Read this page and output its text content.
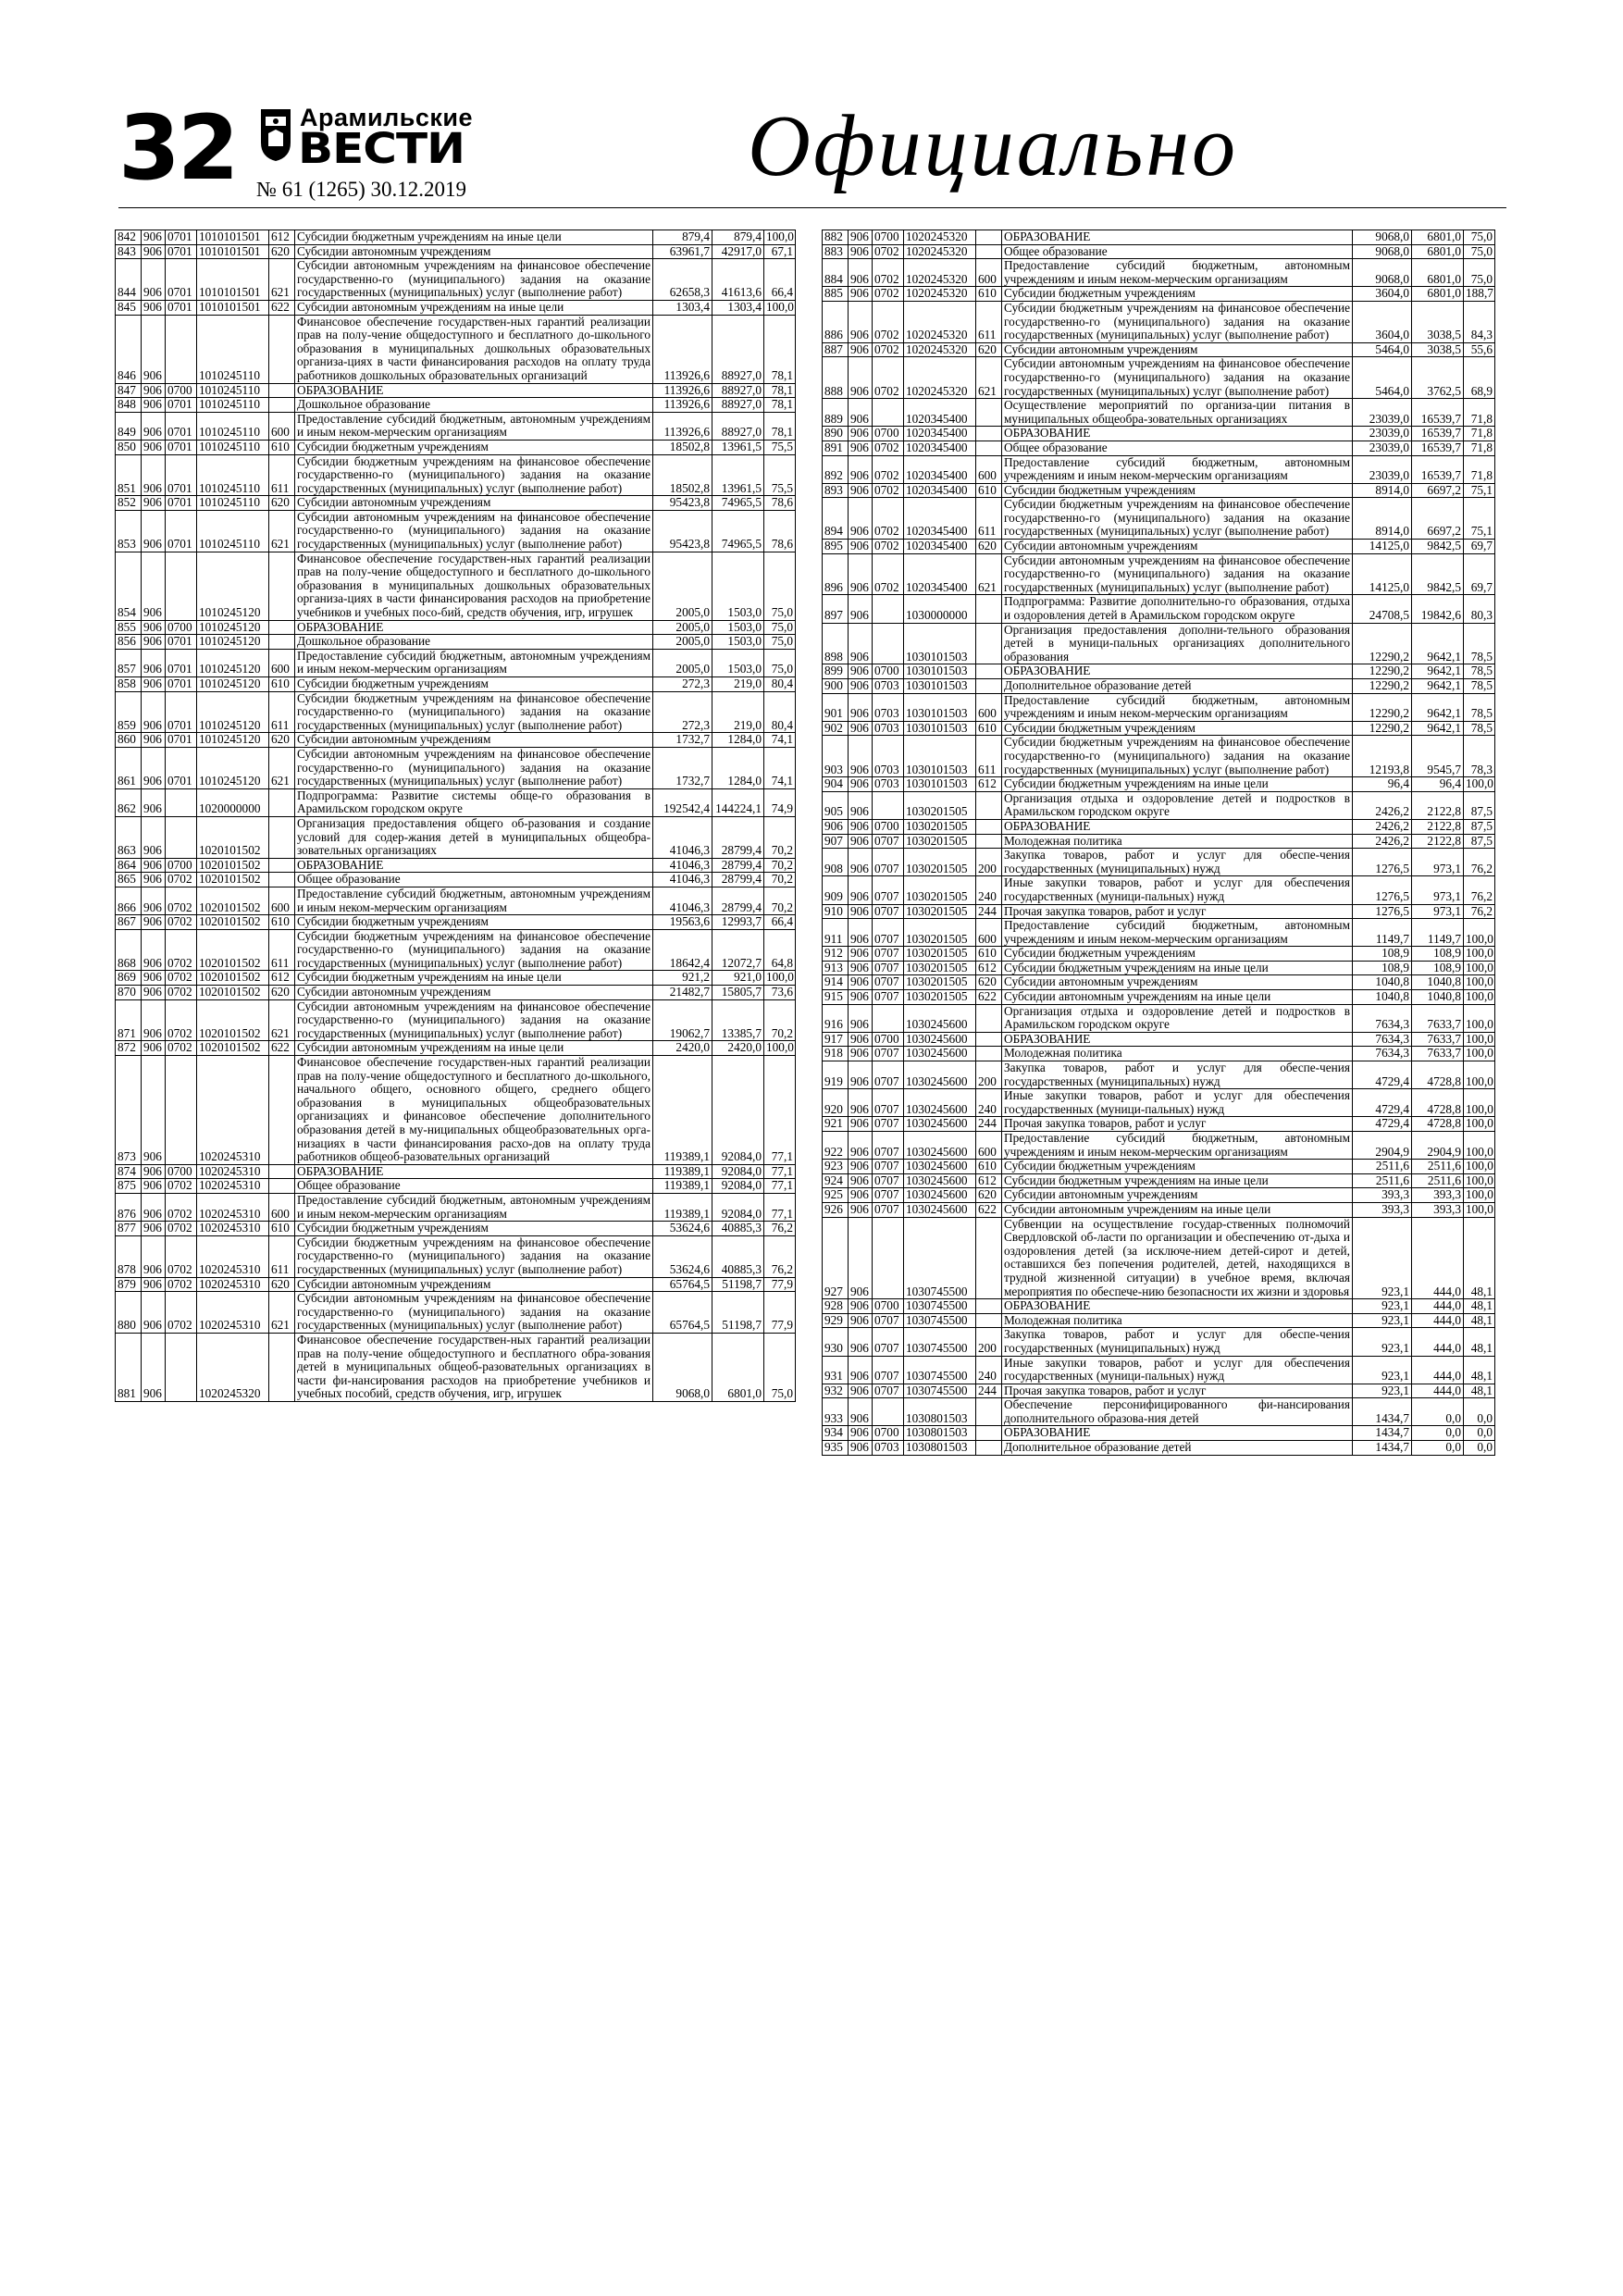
32	Арамильские
ВЕСТИ
№ 61 (1265) 30.12.2019	Официально
842	906	0701	1010101501	612	Субсидии бюджетным учреждениям на иные цели	879,4	879,4	100,0
843	906	0701	1010101501	620	Субсидии автономным учреждениям	63961,7	42917,0	67,1
844	906	0701	1010101501	621	Субсидии автономным учреждениям на финансовое обеспечение государственно-го (муниципального) задания на оказание государственных (муниципальных) услуг (выполнение работ)	62658,3	41613,6	66,4
845	906	0701	1010101501	622	Субсидии автономным учреждениям на иные цели	1303,4	1303,4	100,0
846	906		1010245110		Финансовое обеспечение государствен-ных гарантий реализации прав на полу-чение общедоступного и бесплатного до-школьного образования в муниципальных дошкольных образовательных организа-циях в части финансирования расходов на оплату труда работников дошкольных образовательных организаций	113926,6	88927,0	78,1
847	906	0700	1010245110		ОБРАЗОВАНИЕ	113926,6	88927,0	78,1
848	906	0701	1010245110		Дошкольное образование	113926,6	88927,0	78,1
849	906	0701	1010245110	600	Предоставление субсидий бюджетным, автономным учреждениям и иным неком-мерческим организациям	113926,6	88927,0	78,1
850	906	0701	1010245110	610	Субсидии бюджетным учреждениям	18502,8	13961,5	75,5
851	906	0701	1010245110	611	Субсидии бюджетным учреждениям на финансовое обеспечение государственно-го (муниципального) задания на оказание государственных (муниципальных) услуг (выполнение работ)	18502,8	13961,5	75,5
852	906	0701	1010245110	620	Субсидии автономным учреждениям	95423,8	74965,5	78,6
853	906	0701	1010245110	621	Субсидии автономным учреждениям на финансовое обеспечение государственно-го (муниципального) задания на оказание государственных (муниципальных) услуг (выполнение работ)	95423,8	74965,5	78,6
854	906		1010245120		Финансовое обеспечение государствен-ных гарантий реализации прав на полу-чение общедоступного и бесплатного до-школьного образования в муниципальных дошкольных образовательных организа-циях в части финансирования расходов на приобретение учебников и учебных посо-бий, средств обучения, игр, игрушек	2005,0	1503,0	75,0
855	906	0700	1010245120		ОБРАЗОВАНИЕ	2005,0	1503,0	75,0
856	906	0701	1010245120		Дошкольное образование	2005,0	1503,0	75,0
857	906	0701	1010245120	600	Предоставление субсидий бюджетным, автономным учреждениям и иным неком-мерческим организациям	2005,0	1503,0	75,0
858	906	0701	1010245120	610	Субсидии бюджетным учреждениям	272,3	219,0	80,4
859	906	0701	1010245120	611	Субсидии бюджетным учреждениям на финансовое обеспечение государственно-го (муниципального) задания на оказание государственных (муниципальных) услуг (выполнение работ)	272,3	219,0	80,4
860	906	0701	1010245120	620	Субсидии автономным учреждениям	1732,7	1284,0	74,1
861	906	0701	1010245120	621	Субсидии автономным учреждениям на финансовое обеспечение государственно-го (муниципального) задания на оказание государственных (муниципальных) услуг (выполнение работ)	1732,7	1284,0	74,1
862	906		1020000000		Подпрограмма: Развитие системы обще-го образования в Арамильском городском округе	192542,4	144224,1	74,9
863	906		1020101502		Организация предоставления общего об-разования и создание условий для содер-жания детей в муниципальных общеобра-зовательных организациях	41046,3	28799,4	70,2
864	906	0700	1020101502		ОБРАЗОВАНИЕ	41046,3	28799,4	70,2
865	906	0702	1020101502		Общее образование	41046,3	28799,4	70,2
866	906	0702	1020101502	600	Предоставление субсидий бюджетным, автономным учреждениям и иным неком-мерческим организациям	41046,3	28799,4	70,2
867	906	0702	1020101502	610	Субсидии бюджетным учреждениям	19563,6	12993,7	66,4
868	906	0702	1020101502	611	Субсидии бюджетным учреждениям на финансовое обеспечение государственно-го (муниципального) задания на оказание государственных (муниципальных) услуг (выполнение работ)	18642,4	12072,7	64,8
869	906	0702	1020101502	612	Субсидии бюджетным учреждениям на иные цели	921,2	921,0	100,0
870	906	0702	1020101502	620	Субсидии автономным учреждениям	21482,7	15805,7	73,6
871	906	0702	1020101502	621	Субсидии автономным учреждениям на финансовое обеспечение государственно-го (муниципального) задания на оказание государственных (муниципальных) услуг (выполнение работ)	19062,7	13385,7	70,2
872	906	0702	1020101502	622	Субсидии автономным учреждениям на иные цели	2420,0	2420,0	100,0
873	906		1020245310		Финансовое обеспечение государствен-ных гарантий реализации прав на полу-чение общедоступного и бесплатного до-школьного, начального общего, основного общего, среднего общего образования в муниципальных общеобразовательных организациях и финансовое обеспечение дополнительного образования детей в му-ниципальных общеобразовательных орга-низациях в части финансирования расхо-дов на оплату труда работников общеоб-разовательных организаций	119389,1	92084,0	77,1
874	906	0700	1020245310		ОБРАЗОВАНИЕ	119389,1	92084,0	77,1
875	906	0702	1020245310		Общее образование	119389,1	92084,0	77,1
876	906	0702	1020245310	600	Предоставление субсидий бюджетным, автономным учреждениям и иным неком-мерческим организациям	119389,1	92084,0	77,1
877	906	0702	1020245310	610	Субсидии бюджетным учреждениям	53624,6	40885,3	76,2
878	906	0702	1020245310	611	Субсидии бюджетным учреждениям на финансовое обеспечение государственно-го (муниципального) задания на оказание государственных (муниципальных) услуг (выполнение работ)	53624,6	40885,3	76,2
879	906	0702	1020245310	620	Субсидии автономным учреждениям	65764,5	51198,7	77,9
880	906	0702	1020245310	621	Субсидии автономным учреждениям на финансовое обеспечение государственно-го (муниципального) задания на оказание государственных (муниципальных) услуг (выполнение работ)	65764,5	51198,7	77,9
881	906		1020245320		Финансовое обеспечение государствен-ных гарантий реализации прав на полу-чение общедоступного и бесплатного обра-зования детей в муниципальных общеоб-разовательных организациях в части фи-нансирования расходов на приобретение учебников и учебных пособий, средств обучения, игр, игрушек	9068,0	6801,0	75,0
882	906	0700	1020245320		ОБРАЗОВАНИЕ	9068,0	6801,0	75,0
883	906	0702	1020245320		Общее образование	9068,0	6801,0	75,0
884	906	0702	1020245320	600	Предоставление субсидий бюджетным, автономным учреждениям и иным неком-мерческим организациям	9068,0	6801,0	75,0
885	906	0702	1020245320	610	Субсидии бюджетным учреждениям	3604,0	6801,0	188,7
886	906	0702	1020245320	611	Субсидии бюджетным учреждениям на финансовое обеспечение государственно-го (муниципального) задания на оказание государственных (муниципальных) услуг (выполнение работ)	3604,0	3038,5	84,3
887	906	0702	1020245320	620	Субсидии автономным учреждениям	5464,0	3038,5	55,6
888	906	0702	1020245320	621	Субсидии автономным учреждениям на финансовое обеспечение государственно-го (муниципального) задания на оказание государственных (муниципальных) услуг (выполнение работ)	5464,0	3762,5	68,9
889	906		1020345400		Осуществление мероприятий по организа-ции питания в муниципальных общеобра-зовательных организациях	23039,0	16539,7	71,8
890	906	0700	1020345400		ОБРАЗОВАНИЕ	23039,0	16539,7	71,8
891	906	0702	1020345400		Общее образование	23039,0	16539,7	71,8
892	906	0702	1020345400	600	Предоставление субсидий бюджетным, автономным учреждениям и иным неком-мерческим организациям	23039,0	16539,7	71,8
893	906	0702	1020345400	610	Субсидии бюджетным учреждениям	8914,0	6697,2	75,1
894	906	0702	1020345400	611	Субсидии бюджетным учреждениям на финансовое обеспечение государственно-го (муниципального) задания на оказание государственных (муниципальных) услуг (выполнение работ)	8914,0	6697,2	75,1
895	906	0702	1020345400	620	Субсидии автономным учреждениям	14125,0	9842,5	69,7
896	906	0702	1020345400	621	Субсидии автономным учреждениям на финансовое обеспечение государственно-го (муниципального) задания на оказание государственных (муниципальных) услуг (выполнение работ)	14125,0	9842,5	69,7
897	906		1030000000		Подпрограмма: Развитие дополнительно-го образования, отдыха и оздоровления детей в Арамильском городском округе	24708,5	19842,6	80,3
898	906		1030101503		Организация предоставления дополни-тельного образования детей в муници-пальных организациях дополнительного образования	12290,2	9642,1	78,5
899	906	0700	1030101503		ОБРАЗОВАНИЕ	12290,2	9642,1	78,5
900	906	0703	1030101503		Дополнительное образование детей	12290,2	9642,1	78,5
901	906	0703	1030101503	600	Предоставление субсидий бюджетным, автономным учреждениям и иным неком-мерческим организациям	12290,2	9642,1	78,5
902	906	0703	1030101503	610	Субсидии бюджетным учреждениям	12290,2	9642,1	78,5
903	906	0703	1030101503	611	Субсидии бюджетным учреждениям на финансовое обеспечение государственно-го (муниципального) задания на оказание государственных (муниципальных) услуг (выполнение работ)	12193,8	9545,7	78,3
904	906	0703	1030101503	612	Субсидии бюджетным учреждениям на иные цели	96,4	96,4	100,0
905	906		1030201505		Организация отдыха и оздоровление детей и подростков в Арамильском городском округе	2426,2	2122,8	87,5
906	906	0700	1030201505		ОБРАЗОВАНИЕ	2426,2	2122,8	87,5
907	906	0707	1030201505		Молодежная политика	2426,2	2122,8	87,5
908	906	0707	1030201505	200	Закупка товаров, работ и услуг для обеспе-чения государственных (муниципальных) нужд	1276,5	973,1	76,2
909	906	0707	1030201505	240	Иные закупки товаров, работ и услуг для обеспечения государственных (муници-пальных) нужд	1276,5	973,1	76,2
910	906	0707	1030201505	244	Прочая закупка товаров, работ и услуг	1276,5	973,1	76,2
911	906	0707	1030201505	600	Предоставление субсидий бюджетным, автономным учреждениям и иным неком-мерческим организациям	1149,7	1149,7	100,0
912	906	0707	1030201505	610	Субсидии бюджетным учреждениям	108,9	108,9	100,0
913	906	0707	1030201505	612	Субсидии бюджетным учреждениям на иные цели	108,9	108,9	100,0
914	906	0707	1030201505	620	Субсидии автономным учреждениям	1040,8	1040,8	100,0
915	906	0707	1030201505	622	Субсидии автономным учреждениям на иные цели	1040,8	1040,8	100,0
916	906		1030245600		Организация отдыха и оздоровление детей и подростков в Арамильском городском округе	7634,3	7633,7	100,0
917	906	0700	1030245600		ОБРАЗОВАНИЕ	7634,3	7633,7	100,0
918	906	0707	1030245600		Молодежная политика	7634,3	7633,7	100,0
919	906	0707	1030245600	200	Закупка товаров, работ и услуг для обеспе-чения государственных (муниципальных) нужд	4729,4	4728,8	100,0
920	906	0707	1030245600	240	Иные закупки товаров, работ и услуг для обеспечения государственных (муници-пальных) нужд	4729,4	4728,8	100,0
921	906	0707	1030245600	244	Прочая закупка товаров, работ и услуг	4729,4	4728,8	100,0
922	906	0707	1030245600	600	Предоставление субсидий бюджетным, автономным учреждениям и иным неком-мерческим организациям	2904,9	2904,9	100,0
923	906	0707	1030245600	610	Субсидии бюджетным учреждениям	2511,6	2511,6	100,0
924	906	0707	1030245600	612	Субсидии бюджетным учреждениям на иные цели	2511,6	2511,6	100,0
925	906	0707	1030245600	620	Субсидии автономным учреждениям	393,3	393,3	100,0
926	906	0707	1030245600	622	Субсидии автономным учреждениям на иные цели	393,3	393,3	100,0
927	906		1030745500		Субвенции на осуществление государ-ственных полномочий Свердловской об-ласти по организации и обеспечению от-дыха и оздоровления детей (за исключе-нием детей-сирот и детей, оставшихся без попечения родителей, детей, находящихся в трудной жизненной ситуации) в учебное время, включая мероприятия по обеспече-нию безопасности их жизни и здоровья	923,1	444,0	48,1
928	906	0700	1030745500		ОБРАЗОВАНИЕ	923,1	444,0	48,1
929	906	0707	1030745500		Молодежная политика	923,1	444,0	48,1
930	906	0707	1030745500	200	Закупка товаров, работ и услуг для обеспе-чения государственных (муниципальных) нужд	923,1	444,0	48,1
931	906	0707	1030745500	240	Иные закупки товаров, работ и услуг для обеспечения государственных (муници-пальных) нужд	923,1	444,0	48,1
932	906	0707	1030745500	244	Прочая закупка товаров, работ и услуг	923,1	444,0	48,1
933	906		1030801503		Обеспечение персонифицированного фи-нансирования дополнительного образова-ния детей	1434,7	0,0	0,0
934	906	0700	1030801503		ОБРАЗОВАНИЕ	1434,7	0,0	0,0
935	906	0703	1030801503		Дополнительное образование детей	1434,7	0,0	0,0
